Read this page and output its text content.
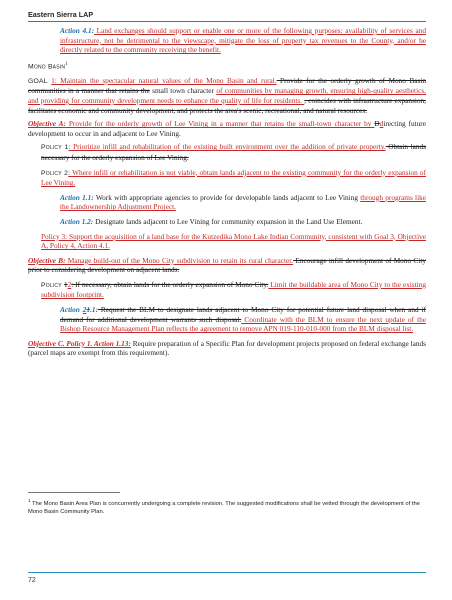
Eastern Sierra LAP

Action 4.1: Land exchanges should support or enable one or more of the following purposes: availability of services and infrastructure, not be detrimental to the viewscape, mitigate the loss of property tax revenues to the County, and/or be directly related to the community receiving the benefit.

Mono Basin$^1$

GOAL 1: Maintain the spectacular natural values of the Mono Basin and rural. Provide for the orderly growth of Mono Basin communities in a manner that retains the small town character of communities by managing growth, ensuring high-quality aesthetics, and providing for community development needs to enhance the quality of life for residents. , coincides with infrastructure expansion, facilitates economic and community development, and protects the area's scenic, recreational, and natural resources.

Objective A: Provide for the orderly growth of Lee Vining in a manner that retains the small-town character by Ddirecting future development to occur in and adjacent to Lee Vining.

Policy 1: Prioritize infill and rehabilitation of the existing built environment over the addition of private property. Obtain lands necessary for the orderly expansion of Lee Vining.

Policy 2: Where infill or rehabilitation is not viable, obtain lands adjacent to the existing community for the orderly expansion of Lee Vining.

Action 1.1: Work with appropriate agencies to provide for developable lands adjacent to Lee Vining through programs like the Landownership Adjustment Project.

Action 1.2: Designate lands adjacent to Lee Vining for community expansion in the Land Use Element.

Policy 3: Support the acquisition of a land base for the Kutzedika Mono Lake Indian Community, consistent with Goal 3, Objective A, Policy 4, Action 4.1.

Objective B: Manage build-out of the Mono City subdivision to retain its rural character. Encourage infill development of Mono City prior to considering development on adjacent lands.

Policy 12: If necessary, obtain lands for the orderly expansion of Mono City. Limit the buildable area of Mono City to the existing subdivision footprint.

Action 21.1: Request the BLM to designate lands adjacent to Mono City for potential future land disposal when and if demand for additional development warrants such disposal. Coordinate with the BLM to ensure the next update of the Bishop Resource Management Plan reflects the agreement to remove APN 019-110-010-000 from the BLM disposal list.

Objective C. Policy 1. Action 1.13: Require preparation of a Specific Plan for development projects proposed on federal exchange lands (parcel maps are exempt from this requirement).

$^1$ The Mono Basin Area Plan is concurrently undergoing a complete revision. The suggested modifications shall be vetted through the development of the Mono Basin Community Plan.
72
